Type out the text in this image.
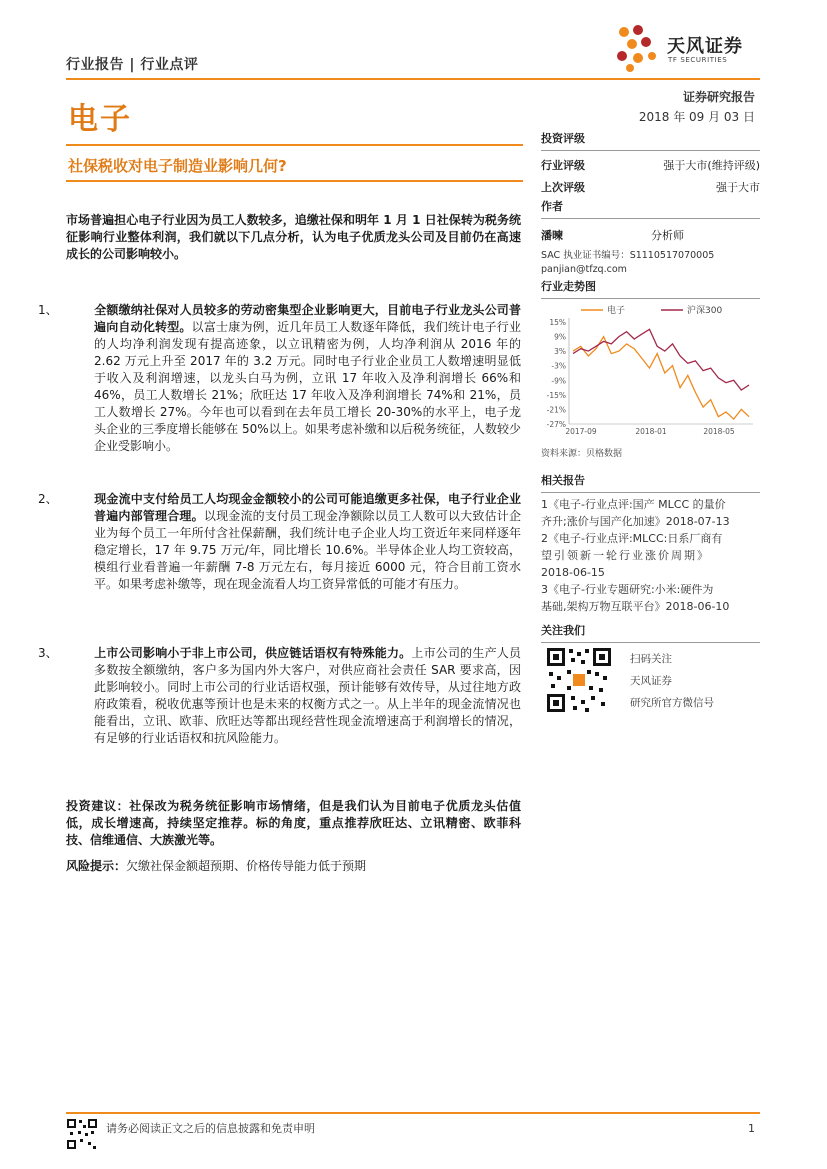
行业报告 | 行业点评
天风证券
TF SECURITIES
电子
证券研究报告
2018 年 09 月 03 日
社保税收对电子制造业影响几何?
市场普遍担心电子行业因为员工人数较多，追缴社保和明年 1 月 1 日社保转为税务统征影响行业整体利润，我们就以下几点分析，认为电子优质龙头公司及目前仍在高速成长的公司影响较小。
1、	全额缴纳社保对人员较多的劳动密集型企业影响更大，目前电子行业龙头公司普遍向自动化转型。以富士康为例，近几年员工人数逐年降低，我们统计电子行业的人均净利润发现有提高迹象，以立讯精密为例，人均净利润从 2016 年的 2.62 万元上升至 2017 年的 3.2 万元。同时电子行业企业员工人数增速明显低于收入及利润增速，以龙头白马为例，立讯 17 年收入及净利润增长 66%和 46%，员工人数增长 21%；欣旺达 17 年收入及净利润增长 74%和 21%，员工人数增长 27%。今年也可以看到在去年员工增长 20-30%的水平上，电子龙头企业的三季度增长能够在 50%以上。如果考虑补缴和以后税务统征，人数较少企业受影响小。
2、	现金流中支付给员工人均现金金额较小的公司可能追缴更多社保，电子行业企业普遍内部管理合理。以现金流的支付员工现金净额除以员工人数可以大致估计企业为每个员工一年所付含社保薪酬，我们统计电子企业人均工资近年来同样逐年稳定增长，17 年 9.75 万元/年，同比增长 10.6%。半导体企业人均工资较高，模组行业看普遍一年薪酬 7-8 万元左右，每月接近 6000 元，符合目前工资水平。如果考虑补缴等，现在现金流看人均工资异常低的可能才有压力。
3、	上市公司影响小于非上市公司，供应链话语权有特殊能力。上市公司的生产人员多数按全额缴纳，客户多为国内外大客户，对供应商社会责任 SAR 要求高，因此影响较小。同时上市公司的行业话语权强，预计能够有效传导，从过往地方政府政策看，税收优惠等预计也是未来的权衡方式之一。从上半年的现金流情况也能看出，立讯、欧菲、欣旺达等都出现经营性现金流增速高于利润增长的情况，有足够的行业话语权和抗风险能力。
投资建议：社保改为税务统征影响市场情绪，但是我们认为目前电子优质龙头估值低，成长增速高，持续坚定推荐。标的角度，重点推荐欣旺达、立讯精密、欧菲科技、信维通信、大族激光等。
风险提示：欠缴社保金额超预期、价格传导能力低于预期
投资评级
行业评级	强于大市(维持评级)
上次评级	强于大市
作者
潘暕	分析师
SAC 执业证书编号：S1110517070005
panjian@tfzq.com
行业走势图
电子	沪深300
15%
9%
3%
-3%
-9%
-15%
-21%
-27%
2017-09	2018-01	2018-05
资料来源：贝格数据
相关报告
1《电子-行业点评:国产 MLCC 的量价
齐升;涨价与国产化加速》2018-07-13
2《电子-行业点评:MLCC:日系厂商有
望引领新一轮行业涨价周期》
2018-06-15
3《电子-行业专题研究:小米:硬件为
基础,架构万物互联平台》2018-06-10
关注我们
扫码关注
天风证券
研究所官方微信号
请务必阅读正文之后的信息披露和免责申明	1
